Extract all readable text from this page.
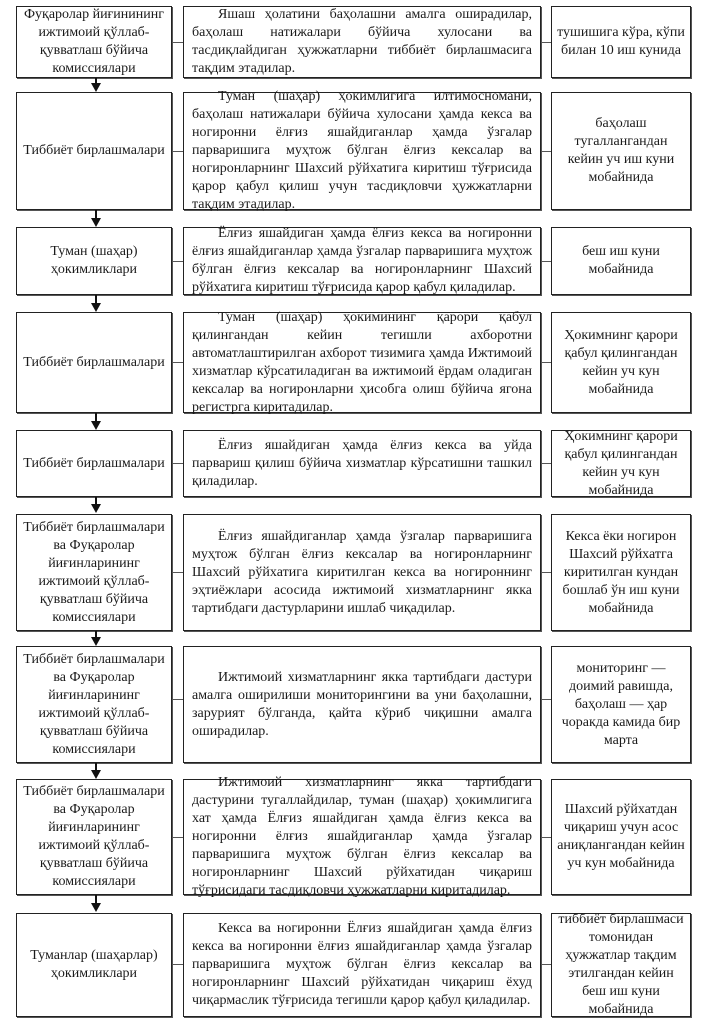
Фуқаролар йиғинининг ижтимоий қўллаб-қувватлаш бўйича комиссиялари
Яшаш ҳолатини баҳолашни амалга оширадилар, баҳолаш натижалари бўйича хулосани ва тасдиқлайдиган ҳужжатларни тиббиёт бирлашмасига тақдим этадилар.
тушишига кўра, кўпи билан 10 иш кунида
Тиббиёт бирлашмалари
Туман (шаҳар) ҳокимлигига илтимосномани, баҳолаш натижалари бўйича хулосани ҳамда кекса ва ногиронни ёлғиз яшайдиганлар ҳамда ўзгалар парваришига муҳтож бўлган ёлғиз кексалар ва ногиронларнинг Шахсий рўйхатига киритиш тўғрисида қарор қабул қилиш учун тасдиқловчи ҳужжатларни тақдим этадилар.
баҳолаш тугаллангандан кейин уч иш куни мобайнида
Туман (шаҳар) ҳокимликлари
Ёлғиз яшайдиган ҳамда ёлғиз кекса ва ногиронни ёлғиз яшайдиганлар ҳамда ўзгалар парваришига муҳтож бўлган ёлғиз кексалар ва ногиронларнинг Шахсий рўйхатига киритиш тўғрисида қарор қабул қиладилар.
беш иш куни мобайнида
Тиббиёт бирлашмалари
Туман (шаҳар) ҳокимининг қарори қабул қилингандан кейин тегишли ахборотни автоматлаштирилган ахборот тизимига ҳамда Ижтимоий хизматлар кўрсатиладиган ва ижтимоий ёрдам оладиган кексалар ва ногиронларни ҳисобга олиш бўйича ягона регистрга киритадилар.
Ҳокимнинг қарори қабул қилингандан кейин уч кун мобайнида
Тиббиёт бирлашмалари
Ёлғиз яшайдиган ҳамда ёлғиз кекса ва уйда парвариш қилиш бўйича хизматлар кўрсатишни ташкил қиладилар.
Ҳокимнинг қарори қабул қилингандан кейин уч кун мобайнида
Тиббиёт бирлашмалари ва Фуқаролар йиғинларининг ижтимоий қўллаб-қувватлаш бўйича комиссиялари
Ёлғиз яшайдиганлар ҳамда ўзгалар парваришига муҳтож бўлган ёлғиз кексалар ва ногиронларнинг Шахсий рўйхатига киритилган кекса ва ногироннинг эҳтиёжлари асосида ижтимоий хизматларнинг якка тартибдаги дастурларини ишлаб чиқадилар.
Кекса ёки ногирон Шахсий рўйхатга киритилган кундан бошлаб ўн иш куни мобайнида
Тиббиёт бирлашмалари ва Фуқаролар йиғинларининг ижтимоий қўллаб-қувватлаш бўйича комиссиялари
Ижтимоий хизматларнинг якка тартибдаги дастури амалга оширилиши мониторингини ва уни баҳолашни, зарурият бўлганда, қайта кўриб чиқишни амалга оширадилар.
мониторинг — доимий равишда, баҳолаш — ҳар чоракда камида бир марта
Тиббиёт бирлашмалари ва Фуқаролар йиғинларининг ижтимоий қўллаб-қувватлаш бўйича комиссиялари
Ижтимоий хизматларнинг якка тартибдаги дастурини тугаллайдилар, туман (шаҳар) ҳокимлигига хат ҳамда Ёлғиз яшайдиган ҳамда ёлғиз кекса ва ногиронни ёлғиз яшайдиганлар ҳамда ўзгалар парваришига муҳтож бўлган ёлғиз кексалар ва ногиронларнинг Шахсий рўйхатидан чиқариш тўғрисидаги тасдиқловчи ҳужжатларни киритадилар.
Шахсий рўйхатдан чиқариш учун асос аниқлангандан кейин уч кун мобайнида
Туманлар (шаҳарлар) ҳокимликлари
Кекса ва ногиронни Ёлғиз яшайдиган ҳамда ёлғиз кекса ва ногиронни ёлғиз яшайдиганлар ҳамда ўзгалар парваришига муҳтож бўлган ёлғиз кексалар ва ногиронларнинг Шахсий рўйхатидан чиқариш ёхуд чиқармаслик тўғрисида тегишли қарор қабул қиладилар.
тиббиёт бирлашмаси томонидан ҳужжатлар тақдим этилгандан кейин беш иш куни мобайнида
